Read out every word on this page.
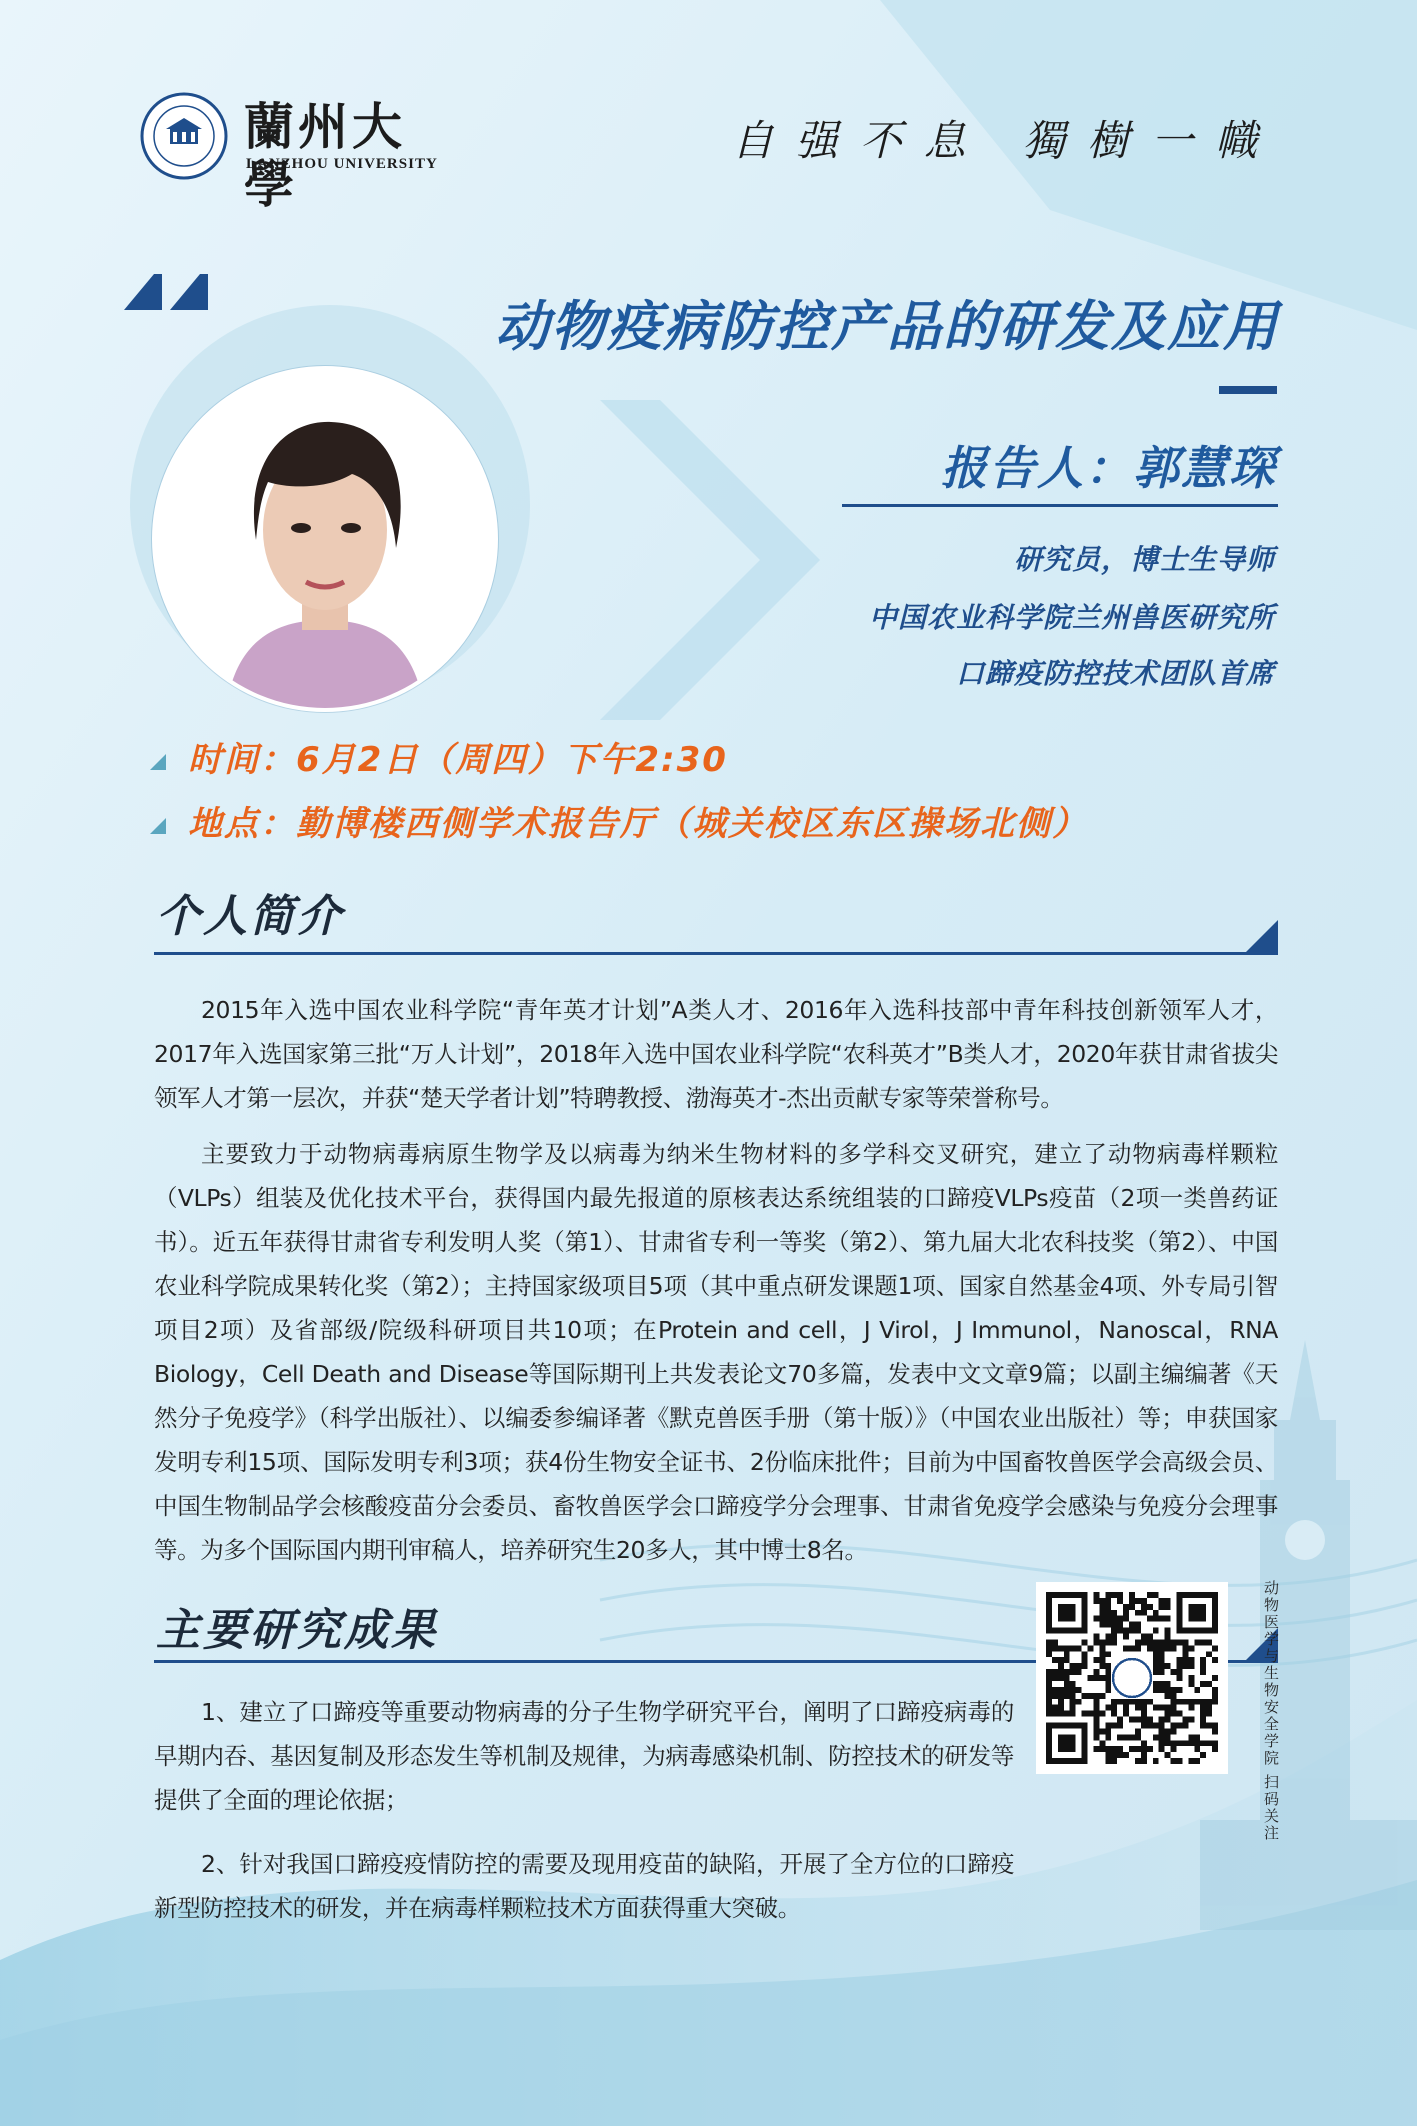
蘭州大學
LANZHOU UNIVERSITY	自强不息 獨樹一幟
动物疫病防控产品的研发及应用
报告人：郭慧琛
研究员，博士生导师
中国农业科学院兰州兽医研究所
口蹄疫防控技术团队首席
时间：6月2日（周四）下午2:30
地点：勤博楼西侧学术报告厅（城关校区东区操场北侧）
个人简介
2015年入选中国农业科学院“青年英才计划”A类人才、2016年入选科技部中青年科技创新领军人才，2017年入选国家第三批“万人计划”，2018年入选中国农业科学院“农科英才”B类人才，2020年获甘肃省拔尖领军人才第一层次，并获“楚天学者计划”特聘教授、渤海英才-杰出贡献专家等荣誉称号。
主要致力于动物病毒病原生物学及以病毒为纳米生物材料的多学科交叉研究，建立了动物病毒样颗粒（VLPs）组装及优化技术平台，获得国内最先报道的原核表达系统组装的口蹄疫VLPs疫苗（2项一类兽药证书）。近五年获得甘肃省专利发明人奖（第1）、甘肃省专利一等奖（第2）、第九届大北农科技奖（第2）、中国农业科学院成果转化奖（第2）；主持国家级项目5项（其中重点研发课题1项、国家自然基金4项、外专局引智项目2项）及省部级/院级科研项目共10项；在Protein and cell，J Virol，J Immunol，Nanoscal，RNA Biology，Cell Death and Disease等国际期刊上共发表论文70多篇，发表中文文章9篇；以副主编编著《天然分子免疫学》（科学出版社）、以编委参编译著《默克兽医手册（第十版）》（中国农业出版社）等；申获国家发明专利15项、国际发明专利3项；获4份生物安全证书、2份临床批件；目前为中国畜牧兽医学会高级会员、中国生物制品学会核酸疫苗分会委员、畜牧兽医学会口蹄疫学分会理事、甘肃省免疫学会感染与免疫分会理事等。为多个国际国内期刊审稿人，培养研究生20多人，其中博士8名。
主要研究成果
1、建立了口蹄疫等重要动物病毒的分子生物学研究平台，阐明了口蹄疫病毒的早期内吞、基因复制及形态发生等机制及规律，为病毒感染机制、防控技术的研发等提供了全面的理论依据；
2、针对我国口蹄疫疫情防控的需要及现用疫苗的缺陷，开展了全方位的口蹄疫新型防控技术的研发，并在病毒样颗粒技术方面获得重大突破。
动物医学与生物安全学院 扫码关注
